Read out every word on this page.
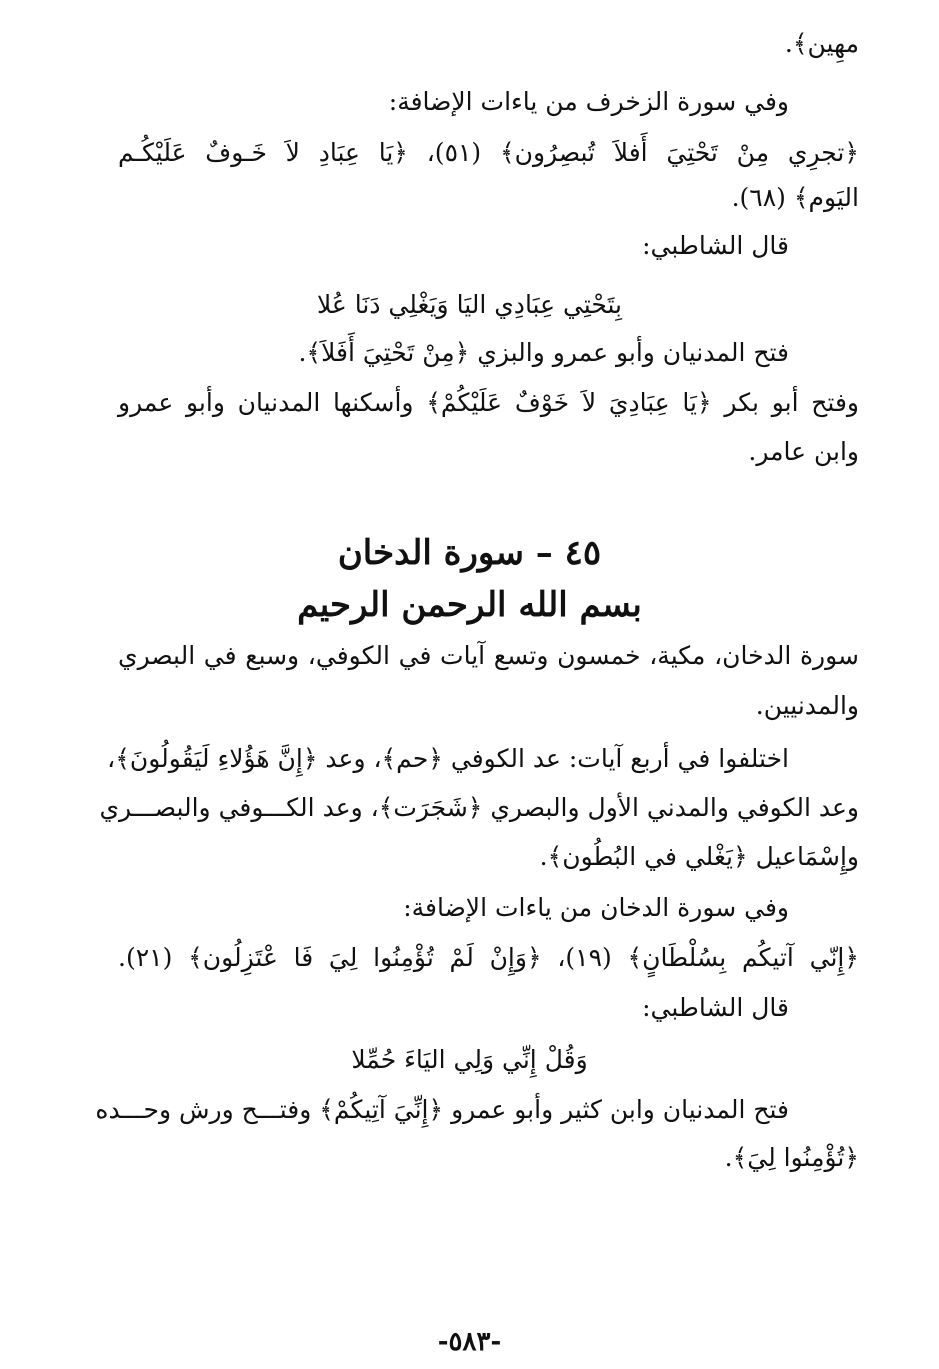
مهِين﴾.
وفي سورة الزخرف من ياءات الإضافة:
﴿تجرِي مِنْ تَحْتِيَ أَفلاَ تُبصِرُون﴾ (٥١)، ﴿يَا عِبَادِ لاَ خَـوفٌ عَلَيْكُـم
اليَوم﴾ (٦٨).
قال الشاطبي:
بِتَحْتِي عِبَادِي اليَا وَيَغْلِي دَنَا عُلا
فتح المدنيان وأبو عمرو والبزي ﴿مِنْ تَحْتِيَ أَفَلاَ﴾.
وفتح أبو بكر ﴿يَا عِبَادِيَ لاَ خَوْفٌ عَلَيْكُمْ﴾ وأسكنها المدنيان وأبو عمرو
وابن عامر.
٤٥ – سورة الدخان
بسم الله الرحمن الرحيم
سورة الدخان، مكية، خمسون وتسع آيات في الكوفي، وسبع في البصري
والمدنيين.
اختلفوا في أربع آيات: عد الكوفي ﴿حم﴾، وعد ﴿إِنَّ هَؤُلاءِ لَيَقُولُونَ﴾،
وعد الكوفي والمدني الأول والبصري ﴿شَجَرَت﴾، وعد الكـــوفي والبصـــري
وإِسْمَاعيل ﴿يَغْلي في البُطُون﴾.
وفي سورة الدخان من ياءات الإضافة:
﴿إِنّي آتيكُم بِسُلْطَانٍ﴾ (١٩)، ﴿وَإِنْ لَمْ تُؤْمِنُوا لِيَ فَا عْتَزِلُون﴾ (٢١).
قال الشاطبي:
وَقُلْ إِنِّي وَلِي اليَاءَ حُمِّلا
فتح المدنيان وابن كثير وأبو عمرو ﴿إِنِّيَ آتِيكُمْ﴾ وفتـــح ورش وحـــده
﴿تُؤْمِنُوا لِيَ﴾.
-٥٨٣-
